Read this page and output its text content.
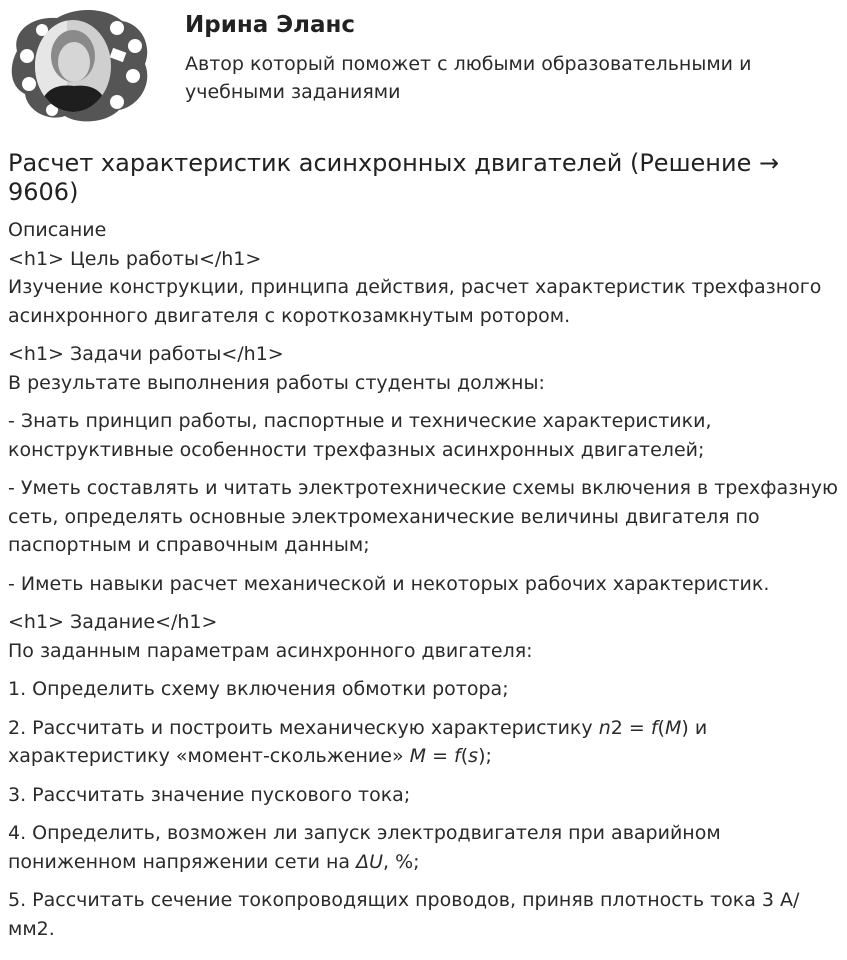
Ирина Эланс
Автор который поможет с любыми образовательными и учебными заданиями
Расчет характеристик асинхронных двигателей (Решение → 9606)

Описание

<h1> Цель работы</h1>

Изучение конструкции, принципа действия, расчет характеристик трехфазного асинхронного двигателя с короткозамкнутым ротором.

<h1> Задачи работы</h1>

В результате выполнения работы студенты должны:

- Знать принцип работы, паспортные и технические характеристики, конструктивные особенности трехфазных асинхронных двигателей;

- Уметь составлять и читать электротехнические схемы включения в трехфазную сеть, определять основные электромеханические величины двигателя по паспортным и справочным данным;

- Иметь навыки расчет механической и некоторых рабочих характеристик.

<h1> Задание</h1>

По заданным параметрам асинхронного двигателя:

1. Определить схему включения обмотки ротора;

2. Рассчитать и построить механическую характеристику n2 = f(M) и характеристику «момент-скольжение» M = f(s);

3. Рассчитать значение пускового тока;

4. Определить, возможен ли запуск электродвигателя при аварийном пониженном напряжении сети на ΔU, %;

5. Рассчитать сечение токопроводящих проводов, приняв плотность тока 3 А/мм2.
